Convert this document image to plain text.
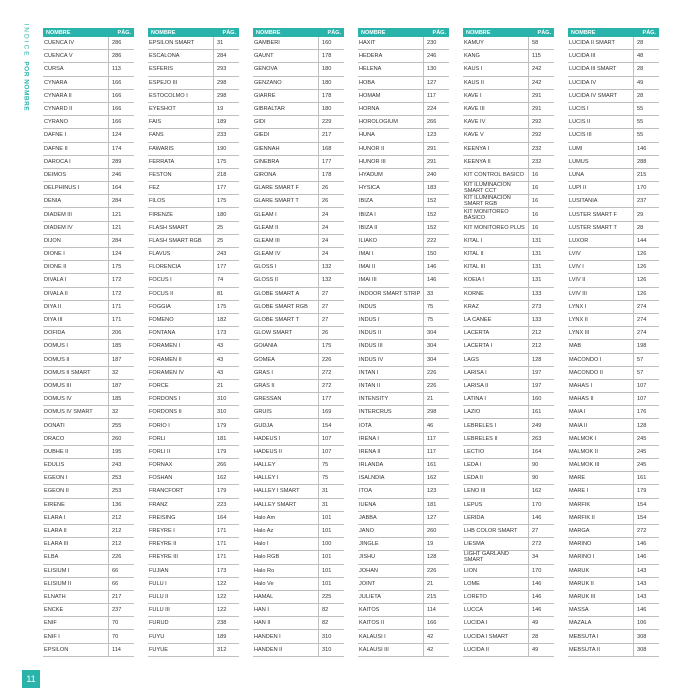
INDICE POR NOMBRE
NOMBRE	PÁG.
CUENCA IV	286
CUENCA V	286
CURSA	113
CYNARA	166
CYNARA II	166
CYNARD II	166
CYRANO	166
DAFNE I	124
DAFNE II	174
DAROCA I	289
DEIMOS	246
DELPHINUS I	164
DENIA	284
DIADEM III	121
DIADEM IV	121
DIJON	284
DIONE I	124
DIONE II	175
DIVALA I	172
DIVALA II	172
DIYA II	171
DIYA III	171
DOFIDA	206
DOMUS I	185
DOMUS II	187
DOMUS II SMART	32
DOMUS III	187
DOMUS IV	185
DOMUS IV SMART	32
DONATI	255
DRACO	260
DUBHE II	195
EDULIS	243
EGEON I	253
EGEON II	253
EIRENE	136
ELARA I	212
ELARA II	212
ELARA III	212
ELBA	226
ELISIUM I	66
ELISIUM II	66
ELNATH	217
ENCKE	237
ENIF	70
ENIF I	70
EPSILON	114
NOMBRE	PÁG.
EPSILON SMART	31
ESCALONA	284
ESFERIS	293
ESPEJO III	298
ESTOCOLMO I	298
EYESHOT	19
FAIS	189
FANS	233
FAWARIS	190
FERRATA	175
FESTON	218
FEZ	177
FILOS	175
FIRENZE	180
FLASH SMART	25
FLASH SMART RGB	25
FLAVUS	243
FLORENCIA	177
FOCUS I	74
FOCUS II	81
FOGGIA	175
FOMENO	182
FONTANA	173
FORAMEN I	43
FORAMEN II	43
FORAMEN IV	43
FORCE	21
FORDONS I	310
FORDONS II	310
FORIO I	179
FORLI	181
FORLI II	179
FORNAX	266
FOSHAN	162
FRANCFORT	179
FRANZ	223
FREISING	164
FREYRE I	171
FREYRE II	171
FREYRE III	171
FUJIAN	173
FULU I	122
FULU II	122
FULU III	122
FURUD	238
FUYU	189
FUYUE	312
NOMBRE	PÁG.
GAMBERI	160
GAUNT	178
GENOVA	180
GENZANO	180
GIARRE	178
GIBRALTAR	180
GIDI	229
GIEDI	217
GIENNAH	168
GINEBRA	177
GIRONA	178
GLARE SMART F	26
GLARE SMART T	26
GLEAM I	24
GLEAM II	24
GLEAM III	24
GLEAM IV	24
GLOSS I	132
GLOSS II	132
GLOBE SMART A	27
GLOBE SMART RGB	27
GLOBE SMART T	27
GLOW SMART	26
GOIANIA	175
GOMEA	226
GRAS I	272
GRAS II	272
GRESSAN	177
GRUIS	169
GUDJA	154
HADEUS I	107
HADEUS II	107
HALLEY	75
HALLEY I	75
HALLEY I SMART	31
HALLEY SMART	31
Halo Am	101
Halo Az	101
Halo I	100
Halo RGB	101
Halo Ro	101
Halo Ve	101
HAMAL	225
HAN I	82
HAN II	82
HANDEN I	310
HANDEN II	310
NOMBRE	PÁG.
HAXIT	230
HEDERA	246
HELENA	130
HOBA	127
HOMAM	117
HORNA	224
HOROLOGIUM	266
HUNA	123
HUNOR II	291
HUNOR III	291
HYADUM	240
HYSICA	183
IBIZA	152
IBIZA I	152
IBIZA II	152
ILIAKO	222
IMAI I	150
IMAI II	146
IMAI III	146
INDOOR SMART STRIP	33
INDUS	75
INDUS I	75
INDUS II	304
INDUS III	304
INDUS IV	304
INTAN I	226
INTAN II	226
INTENSITY	21
INTERCRUS	298
IOTA	46
IRENA I	117
IRENA II	117
IRLANDA	161
ISALNDIA	162
ITOA	123
IUENA	181
JABBA	127
JANO	260
JINGLE	19
JISHU	128
JOHAN	226
JOINT	21
JULIETA	215
KAITOS	114
KAITOS II	166
KALAUSI I	42
KALAUSI III	42
NOMBRE	PÁG.
KAMUY	58
KANG	115
KAUS I	242
KAUS II	242
KAVE I	291
KAVE III	291
KAVE IV	292
KAVE V	292
KEENYA I	232
KEENYA II	232
KIT CONTROL BÁSICO	16
KIT ILUMINACIÓN SMART CCT	16
KIT ILUMINACIÓN SMART RGB	16
KIT MONITOREO BÁSICO	16
KIT MONITOREO PLUS	16
KITAL I	131
KITAL II	131
KITAL III	131
KOEIA I	131
KORNE	133
KRAZ	273
LA CANEE	133
LACERTA	212
LACERTA I	212
LAGS	128
LARISA I	197
LARISA II	197
LATINA I	160
LAZIO	161
LEBRELES I	249
LEBRELES II	263
LECTIO	164
LEDA I	90
LEDA II	90
LENO III	162
LEPUS	170
LERIDA	146
LHB COLOR SMART	27
LIESMA	272
LIGHT GARLAND SMART	34
LION	170
LOME	146
LORETO	146
LUCCA	146
LUCIDA I	49
LUCIDA I SMART	28
LUCIDA II	49
NOMBRE	PÁG.
LUCIDA II SMART	28
LUCIDA III	48
LUCIDA III SMART	28
LUCIDA IV	49
LUCIDA IV SMART	28
LUCIS I	55
LUCIS II	55
LUCIS III	55
LUMI	146
LUMUS	288
LUNA	215
LUPI II	170
LUSITANIA	237
LUSTER SMART F	29
LUSTER SMART T	28
LUXOR	144
LVIV	126
LVIV I	126
LVIV II	126
LVIV III	126
LYNX I	274
LYNX II	274
LYNX III	274
MAB	198
MACONDO I	57
MACONDO II	57
MAHAS I	107
MAHAS II	107
MAIA I	176
MAIA II	128
MALMOK I	245
MALMOK II	245
MALMOK III	245
MARE	161
MARE I	179
MARFIK	154
MARFIK II	154
MARGA	272
MARINO	146
MARINO I	146
MARUK	143
MARUK II	143
MARUK III	143
MASSA	146
MAZALA	106
MEBSUTA I	308
MEBSUTA II	308
11
